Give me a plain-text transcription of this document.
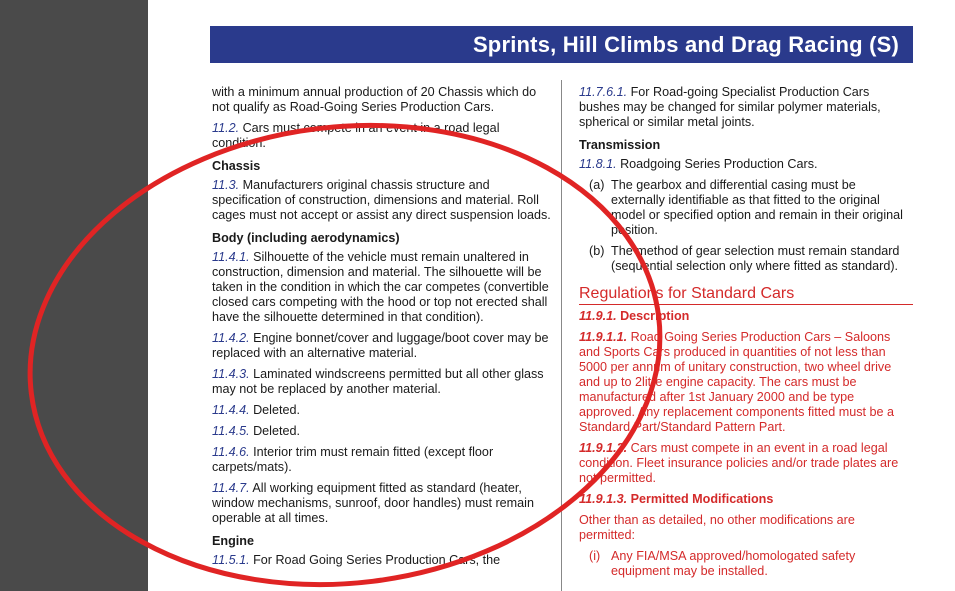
Sprints, Hill Climbs and Drag Racing (S)

with a minimum annual production of 20 Chassis which do not qualify as Road-Going Series Production Cars.

11.2. Cars must compete in an event in a road legal condition.

Chassis

11.3. Manufacturers original chassis structure and specification of construction, dimensions and material. Roll cages must not accept or assist any direct suspension loads.

Body (including aerodynamics)

11.4.1. Silhouette of the vehicle must remain unaltered in construction, dimension and material. The silhouette will be taken in the condition in which the car competes (convertible closed cars competing with the hood or top not erected shall have the silhouette determined in that condition).

11.4.2. Engine bonnet/cover and luggage/boot cover may be replaced with an alternative material.

11.4.3. Laminated windscreens permitted but all other glass may not be replaced by another material.

11.4.4. Deleted.

11.4.5. Deleted.

11.4.6. Interior trim must remain fitted (except floor carpets/mats).

11.4.7. All working equipment fitted as standard (heater, window mechanisms, sunroof, door handles) must remain operable at all times.

Engine

11.5.1. For Road Going Series Production Cars, the

11.7.6.1. For Road-going Specialist Production Cars bushes may be changed for similar polymer materials, spherical or similar metal joints.

Transmission

11.8.1. Roadgoing Series Production Cars.

(a) The gearbox and differential casing must be externally identifiable as that fitted to the original model or specified option and remain in their original position.
(b) The method of gear selection must remain standard (sequential selection only where fitted as standard).
Regulations for Standard Cars

11.9.1. Description

11.9.1.1. Road Going Series Production Cars – Saloons and Sports Cars produced in quantities of not less than 5000 per annum of unitary construction, two wheel drive and up to 2litre engine capacity. The cars must be manufactured after 1st January 2000 and be type approved. Any replacement components fitted must be a Standard Part/Standard Pattern Part.

11.9.1.2. Cars must compete in an event in a road legal condition. Fleet insurance policies and/or trade plates are not permitted.

11.9.1.3. Permitted Modifications

Other than as detailed, no other modifications are permitted:

(i) Any FIA/MSA approved/homologated safety equipment may be installed.
